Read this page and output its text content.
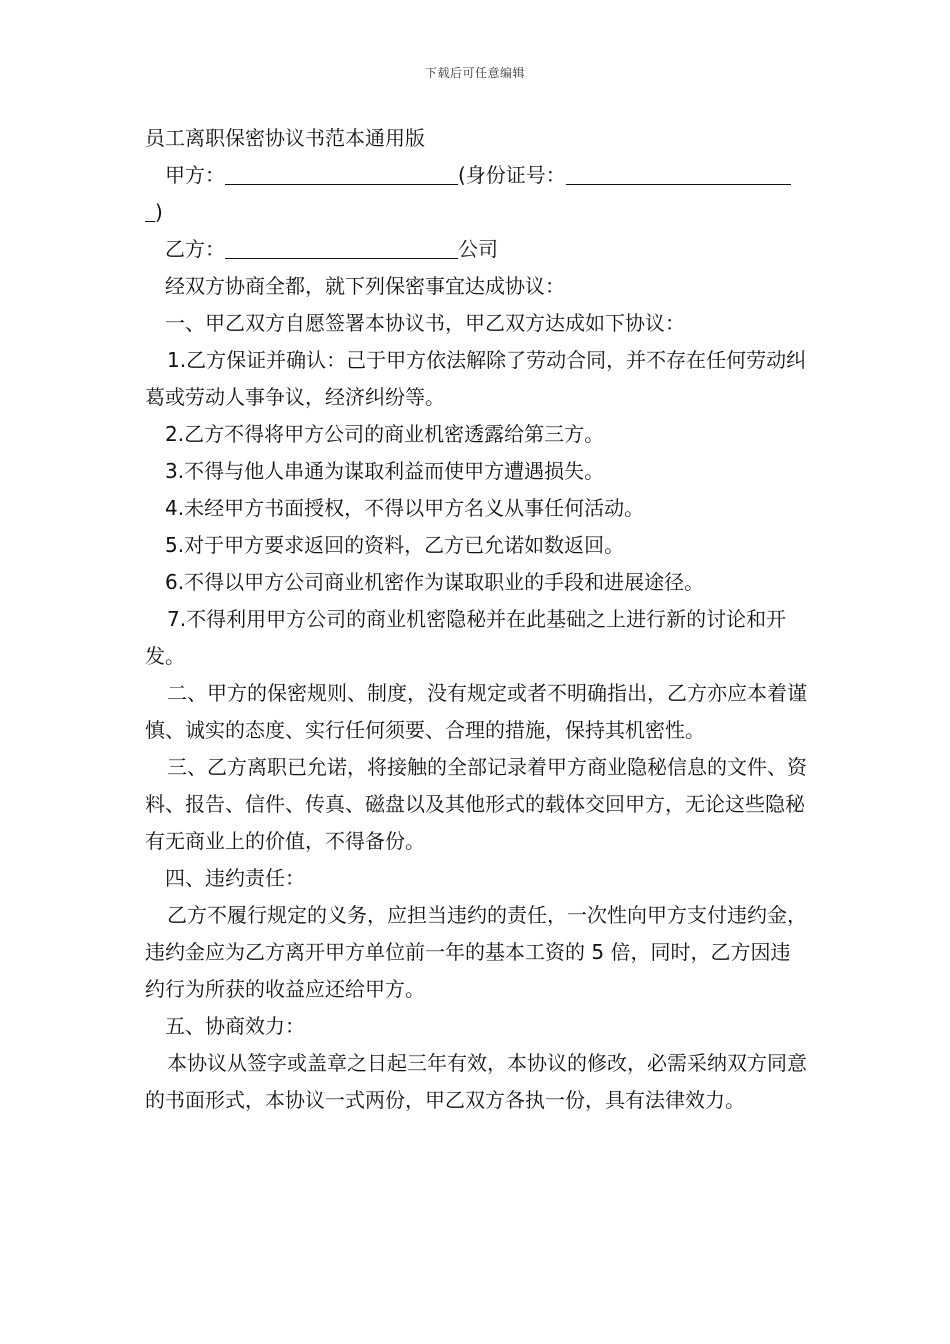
下载后可任意编辑

员工离职保密协议书范本通用版

甲方：	(身份证号：

)

乙方：	公司

经双方协商全都，就下列保密事宜达成协议：

一、甲乙双方自愿签署本协议书，甲乙双方达成如下协议：

1.乙方保证并确认：己于甲方依法解除了劳动合同，并不存在任何劳动纠葛或劳动人事争议，经济纠纷等。

2.乙方不得将甲方公司的商业机密透露给第三方。

3.不得与他人串通为谋取利益而使甲方遭遇损失。

4.未经甲方书面授权，不得以甲方名义从事任何活动。

5.对于甲方要求返回的资料，乙方已允诺如数返回。

6.不得以甲方公司商业机密作为谋取职业的手段和进展途径。

7.不得利用甲方公司的商业机密隐秘并在此基础之上进行新的讨论和开发。

二、甲方的保密规则、制度，没有规定或者不明确指出，乙方亦应本着谨慎、诚实的态度、实行任何须要、合理的措施，保持其机密性。

三、乙方离职已允诺，将接触的全部记录着甲方商业隐秘信息的文件、资料、报告、信件、传真、磁盘以及其他形式的载体交回甲方，无论这些隐秘有无商业上的价值，不得备份。

四、违约责任：

乙方不履行规定的义务，应担当违约的责任，一次性向甲方支付违约金，违约金应为乙方离开甲方单位前一年的基本工资的 5 倍，同时，乙方因违约行为所获的收益应还给甲方。

五、协商效力：

本协议从签字或盖章之日起三年有效，本协议的修改，必需采纳双方同意的书面形式，本协议一式两份，甲乙双方各执一份，具有法律效力。
